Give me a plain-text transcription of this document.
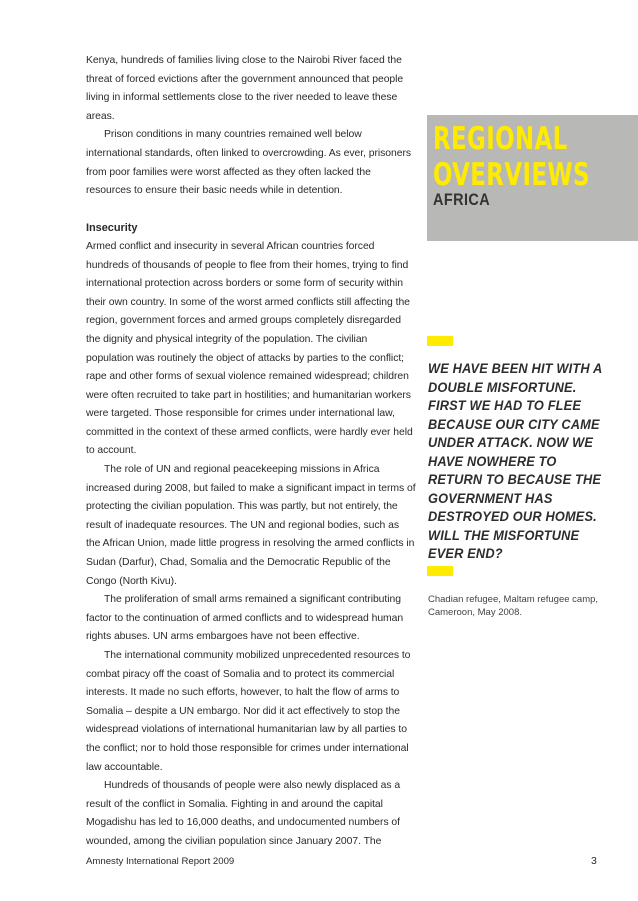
Kenya, hundreds of families living close to the Nairobi River faced the threat of forced evictions after the government announced that people living in informal settlements close to the river needed to leave these areas.

Prison conditions in many countries remained well below international standards, often linked to overcrowding. As ever, prisoners from poor families were worst affected as they often lacked the resources to ensure their basic needs while in detention.

Insecurity

Armed conflict and insecurity in several African countries forced hundreds of thousands of people to flee from their homes, trying to find international protection across borders or some form of security within their own country. In some of the worst armed conflicts still affecting the region, government forces and armed groups completely disregarded the dignity and physical integrity of the population. The civilian population was routinely the object of attacks by parties to the conflict; rape and other forms of sexual violence remained widespread; children were often recruited to take part in hostilities; and humanitarian workers were targeted. Those responsible for crimes under international law, committed in the context of these armed conflicts, were hardly ever held to account.

The role of UN and regional peacekeeping missions in Africa increased during 2008, but failed to make a significant impact in terms of protecting the civilian population. This was partly, but not entirely, the result of inadequate resources. The UN and regional bodies, such as the African Union, made little progress in resolving the armed conflicts in Sudan (Darfur), Chad, Somalia and the Democratic Republic of the Congo (North Kivu).

The proliferation of small arms remained a significant contributing factor to the continuation of armed conflicts and to widespread human rights abuses. UN arms embargoes have not been effective.

The international community mobilized unprecedented resources to combat piracy off the coast of Somalia and to protect its commercial interests. It made no such efforts, however, to halt the flow of arms to Somalia – despite a UN embargo. Nor did it act effectively to stop the widespread violations of international humanitarian law by all parties to the conflict; nor to hold those responsible for crimes under international law accountable.

Hundreds of thousands of people were also newly displaced as a result of the conflict in Somalia. Fighting in and around the capital Mogadishu has led to 16,000 deaths, and undocumented numbers of wounded, among the civilian population since January 2007. The

REGIONAL
OVERVIEWS
AFRICA

WE HAVE BEEN HIT WITH A DOUBLE MISFORTUNE. FIRST WE HAD TO FLEE BECAUSE OUR CITY CAME UNDER ATTACK. NOW WE HAVE NOWHERE TO RETURN TO BECAUSE THE GOVERNMENT HAS DESTROYED OUR HOMES. WILL THE MISFORTUNE EVER END?

Chadian refugee, Maltam refugee camp, Cameroon, May 2008.

Amnesty International Report 2009	3
